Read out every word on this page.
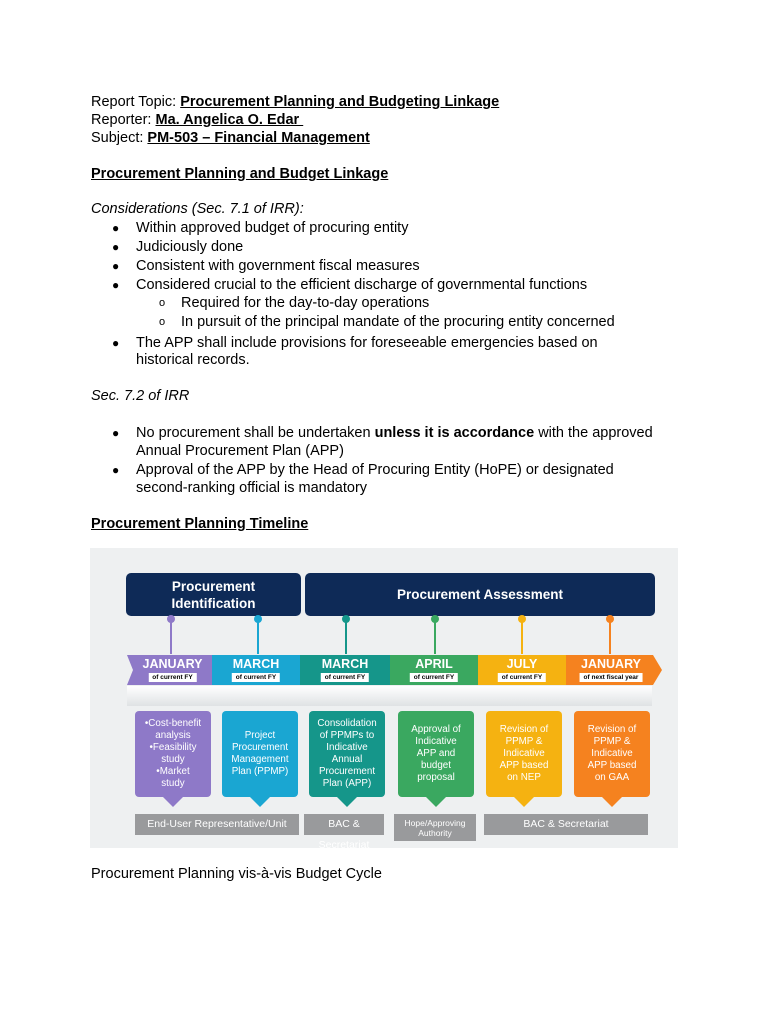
Report Topic: Procurement Planning and Budgeting Linkage
Reporter: Ma. Angelica O. Edar
Subject: PM-503 – Financial Management
Procurement Planning and Budget Linkage
Considerations (Sec. 7.1 of IRR):
● Within approved budget of procuring entity
● Judiciously done
● Consistent with government fiscal measures
● Considered crucial to the efficient discharge of governmental functions
o Required for the day-to-day operations
o In pursuit of the principal mandate of the procuring entity concerned
● The APP shall include provisions for foreseeable emergencies based on
historical records.
Sec. 7.2 of IRR
● No procurement shall be undertaken unless it is accordance with the approved
Annual Procurement Plan (APP)
● Approval of the APP by the Head of Procuring Entity (HoPE) or designated
second-ranking official is mandatory
Procurement Planning Timeline
Procurement
Identification
Procurement Assessment
JANUARY
of current FY
MARCH
of current FY
MARCH
of current FY
APRIL
of current FY
JULY
of current FY
JANUARY
of next fiscal year
•Cost-benefit
analysis
•Feasibility
study
•Market
study
Project
Procurement
Management
Plan (PPMP)
Consolidation
of PPMPs to
Indicative
Annual
Procurement
Plan (APP)
Approval of
Indicative
APP and
budget
proposal
Revision of
PPMP &
Indicative
APP based
on NEP
Revision of
PPMP &
Indicative
APP based
on GAA
End-User Representative/Unit	BAC & Secretariat
Hope/Approving Authority
BAC & Secretariat
Procurement Planning vis-à-vis Budget Cycle
